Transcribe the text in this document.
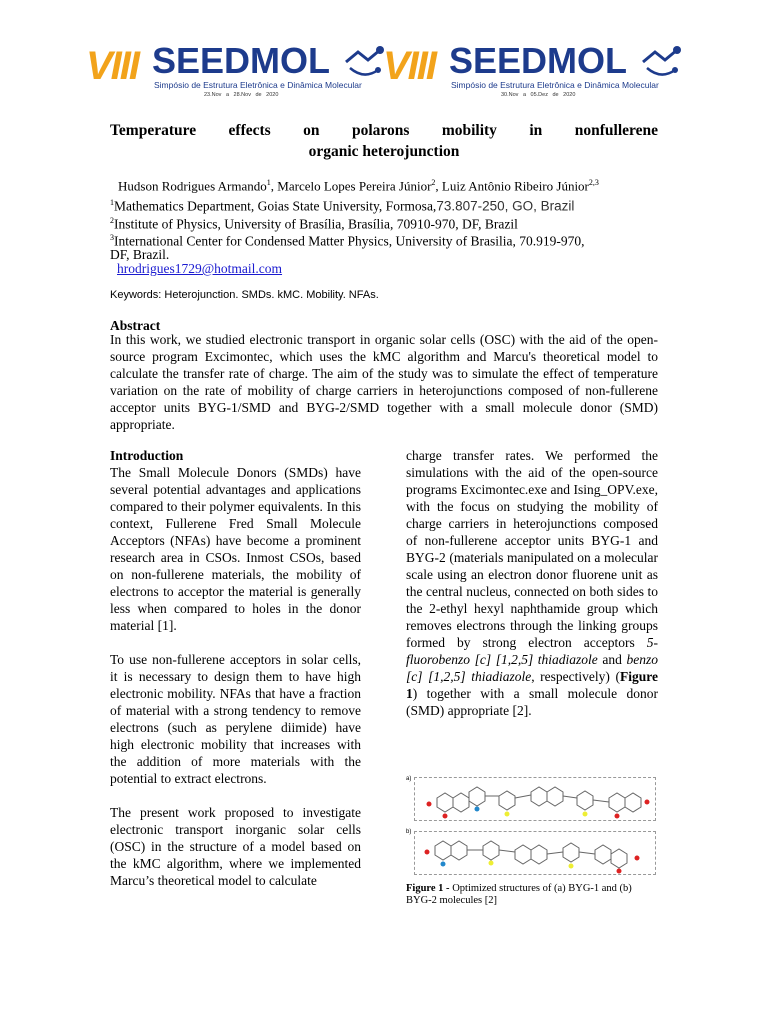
VIII SEEDMOL
Simpósio de Estrutura Eletrônica e Dinâmica Molecular
23.Nov a 28.Nov de 2020
VIII SEEDMOL
Simpósio de Estrutura Eletrônica e Dinâmica Molecular
30.Nov a 05.Dez de 2020
Temperature effects on polarons mobility in nonfullerene
organic heterojunction
Hudson Rodrigues Armando$^1$, Marcelo Lopes Pereira Júnior$^2$, Luiz Antônio Ribeiro Júnior$^{2,3}$
$^1$Mathematics Department, Goias State University, Formosa,73.807-250, GO, Brazil
$^2$Institute of Physics, University of Brasília, Brasília, 70910-970, DF, Brazil
$^3$International Center for Condensed Matter Physics, University of Brasilia, 70.919-970,
DF, Brazil.
hrodrigues1729@hotmail.com
Keywords: Heterojunction. SMDs. kMC. Mobility. NFAs.
Abstract

In this work, we studied electronic transport in organic solar cells (OSC) with the aid of the open-source program Excimontec, which uses the kMC algorithm and Marcu's theoretical model to calculate the transfer rate of charge. The aim of the study was to simulate the effect of temperature variation on the rate of mobility of charge carriers in heterojunctions composed of non-fullerene acceptor units BYG-1/SMD and BYG-2/SMD together with a small molecule donor (SMD) appropriate.

Introduction
The Small Molecule Donors (SMDs) have several potential advantages and applications compared to their polymer equivalents. In this context, Fullerene Fred Small Molecule Acceptors (NFAs) have become a prominent research area in CSOs. Inmost CSOs, based on non-fullerene materials, the mobility of electrons to acceptor the material is generally less when compared to holes in the donor material [1].

To use non-fullerene acceptors in solar cells, it is necessary to design them to have high electronic mobility. NFAs that have a fraction of material with a strong tendency to remove electrons (such as perylene diimide) have high electronic mobility that increases with the addition of more materials with the potential to extract electrons.

The present work proposed to investigate electronic transport inorganic solar cells (OSC) in the structure of a model based on the kMC algorithm, where we implemented Marcu’s theoretical model to calculate

charge transfer rates. We performed the simulations with the aid of the open-source programs Excimontec.exe and Ising_OPV.exe, with the focus on studying the mobility of charge carriers in heterojunctions composed of non-fullerene acceptor units BYG-1 and BYG-2 (materials manipulated on a molecular scale using an electron donor fluorene unit as the central nucleus, connected on both sides to the 2-ethyl hexyl naphthamide group which removes electrons through the linking groups formed by strong electron acceptors 5-fluorobenzo [c] [1,2,5] thiadiazole and benzo [c] [1,2,5] thiadiazole, respectively) (Figure 1) together with a small molecule donor (SMD) appropriate [2].

a)
b)

Figure 1 - Optimized structures of (a) BYG-1 and (b) BYG-2 molecules [2]
